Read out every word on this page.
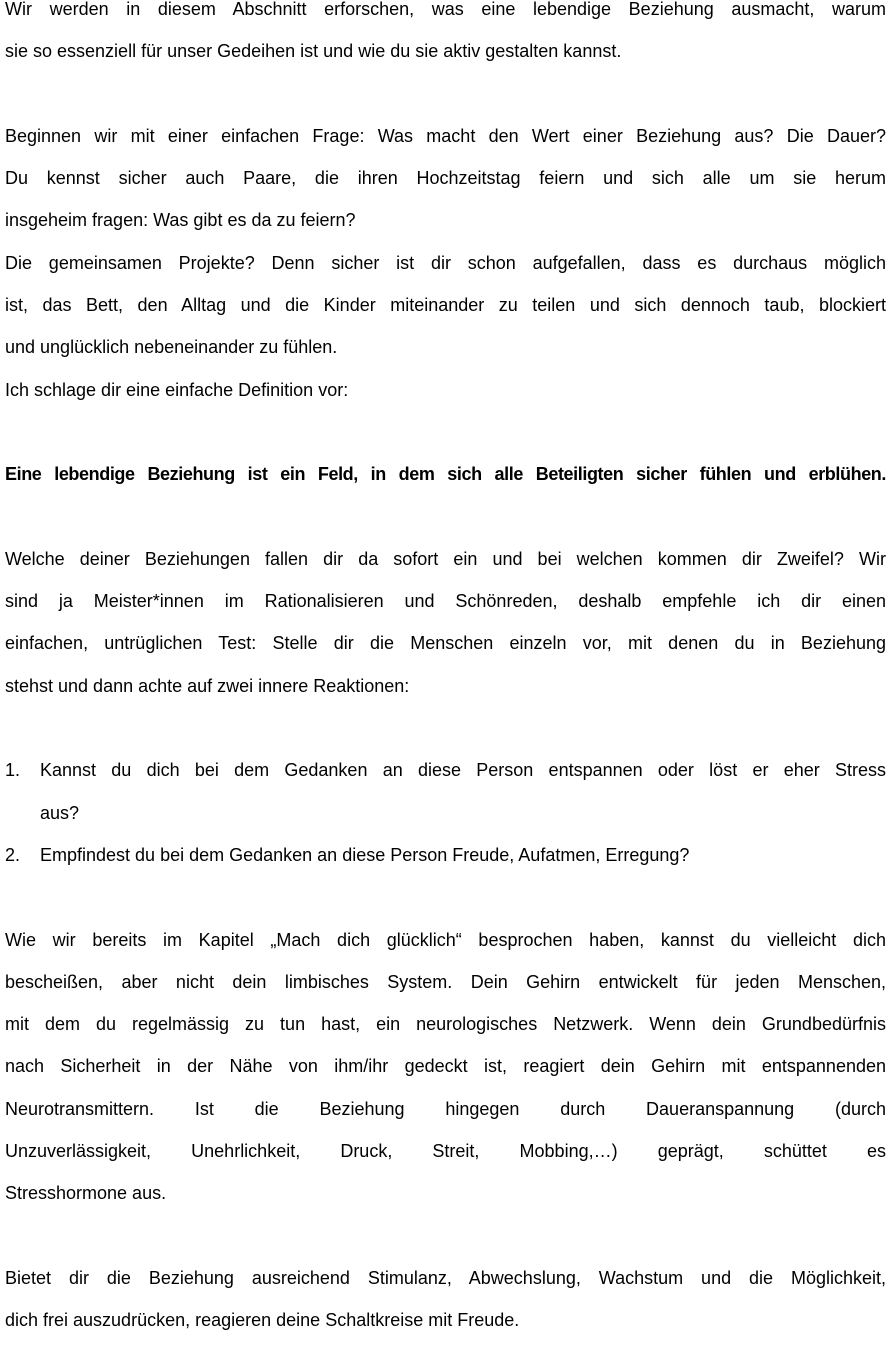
Wir werden in diesem Abschnitt erforschen, was eine lebendige Beziehung ausmacht, warum
sie so essenziell für unser Gedeihen ist und wie du sie aktiv gestalten kannst.

Beginnen wir mit einer einfachen Frage: Was macht den Wert einer Beziehung aus? Die Dauer?
Du kennst sicher auch Paare, die ihren Hochzeitstag feiern und sich alle um sie herum
insgeheim fragen: Was gibt es da zu feiern?
Die gemeinsamen Projekte? Denn sicher ist dir schon aufgefallen, dass es durchaus möglich
ist, das Bett, den Alltag und die Kinder miteinander zu teilen und sich dennoch taub, blockiert
und unglücklich nebeneinander zu fühlen.
Ich schlage dir eine einfache Definition vor:

Eine lebendige Beziehung ist ein Feld, in dem sich alle Beteiligten sicher fühlen und erblühen.

Welche deiner Beziehungen fallen dir da sofort ein und bei welchen kommen dir Zweifel? Wir
sind ja Meister*innen im Rationalisieren und Schönreden, deshalb empfehle ich dir einen
einfachen, untrüglichen Test: Stelle dir die Menschen einzeln vor, mit denen du in Beziehung
stehst und dann achte auf zwei innere Reaktionen:

1. Kannst du dich bei dem Gedanken an diese Person entspannen oder löst er eher Stress
aus?
2. Empfindest du bei dem Gedanken an diese Person Freude, Aufatmen, Erregung?

Wie wir bereits im Kapitel „Mach dich glücklich“ besprochen haben, kannst du vielleicht dich
bescheißen, aber nicht dein limbisches System. Dein Gehirn entwickelt für jeden Menschen,
mit dem du regelmässig zu tun hast, ein neurologisches Netzwerk. Wenn dein Grundbedürfnis
nach Sicherheit in der Nähe von ihm/ihr gedeckt ist, reagiert dein Gehirn mit entspannenden
Neurotransmittern. Ist die Beziehung hingegen durch Daueranspannung (durch
Unzuverlässigkeit, Unehrlichkeit, Druck, Streit, Mobbing,…) geprägt, schüttet es
Stresshormone aus.

Bietet dir die Beziehung ausreichend Stimulanz, Abwechslung, Wachstum und die Möglichkeit,
dich frei auszudrücken, reagieren deine Schaltkreise mit Freude.
